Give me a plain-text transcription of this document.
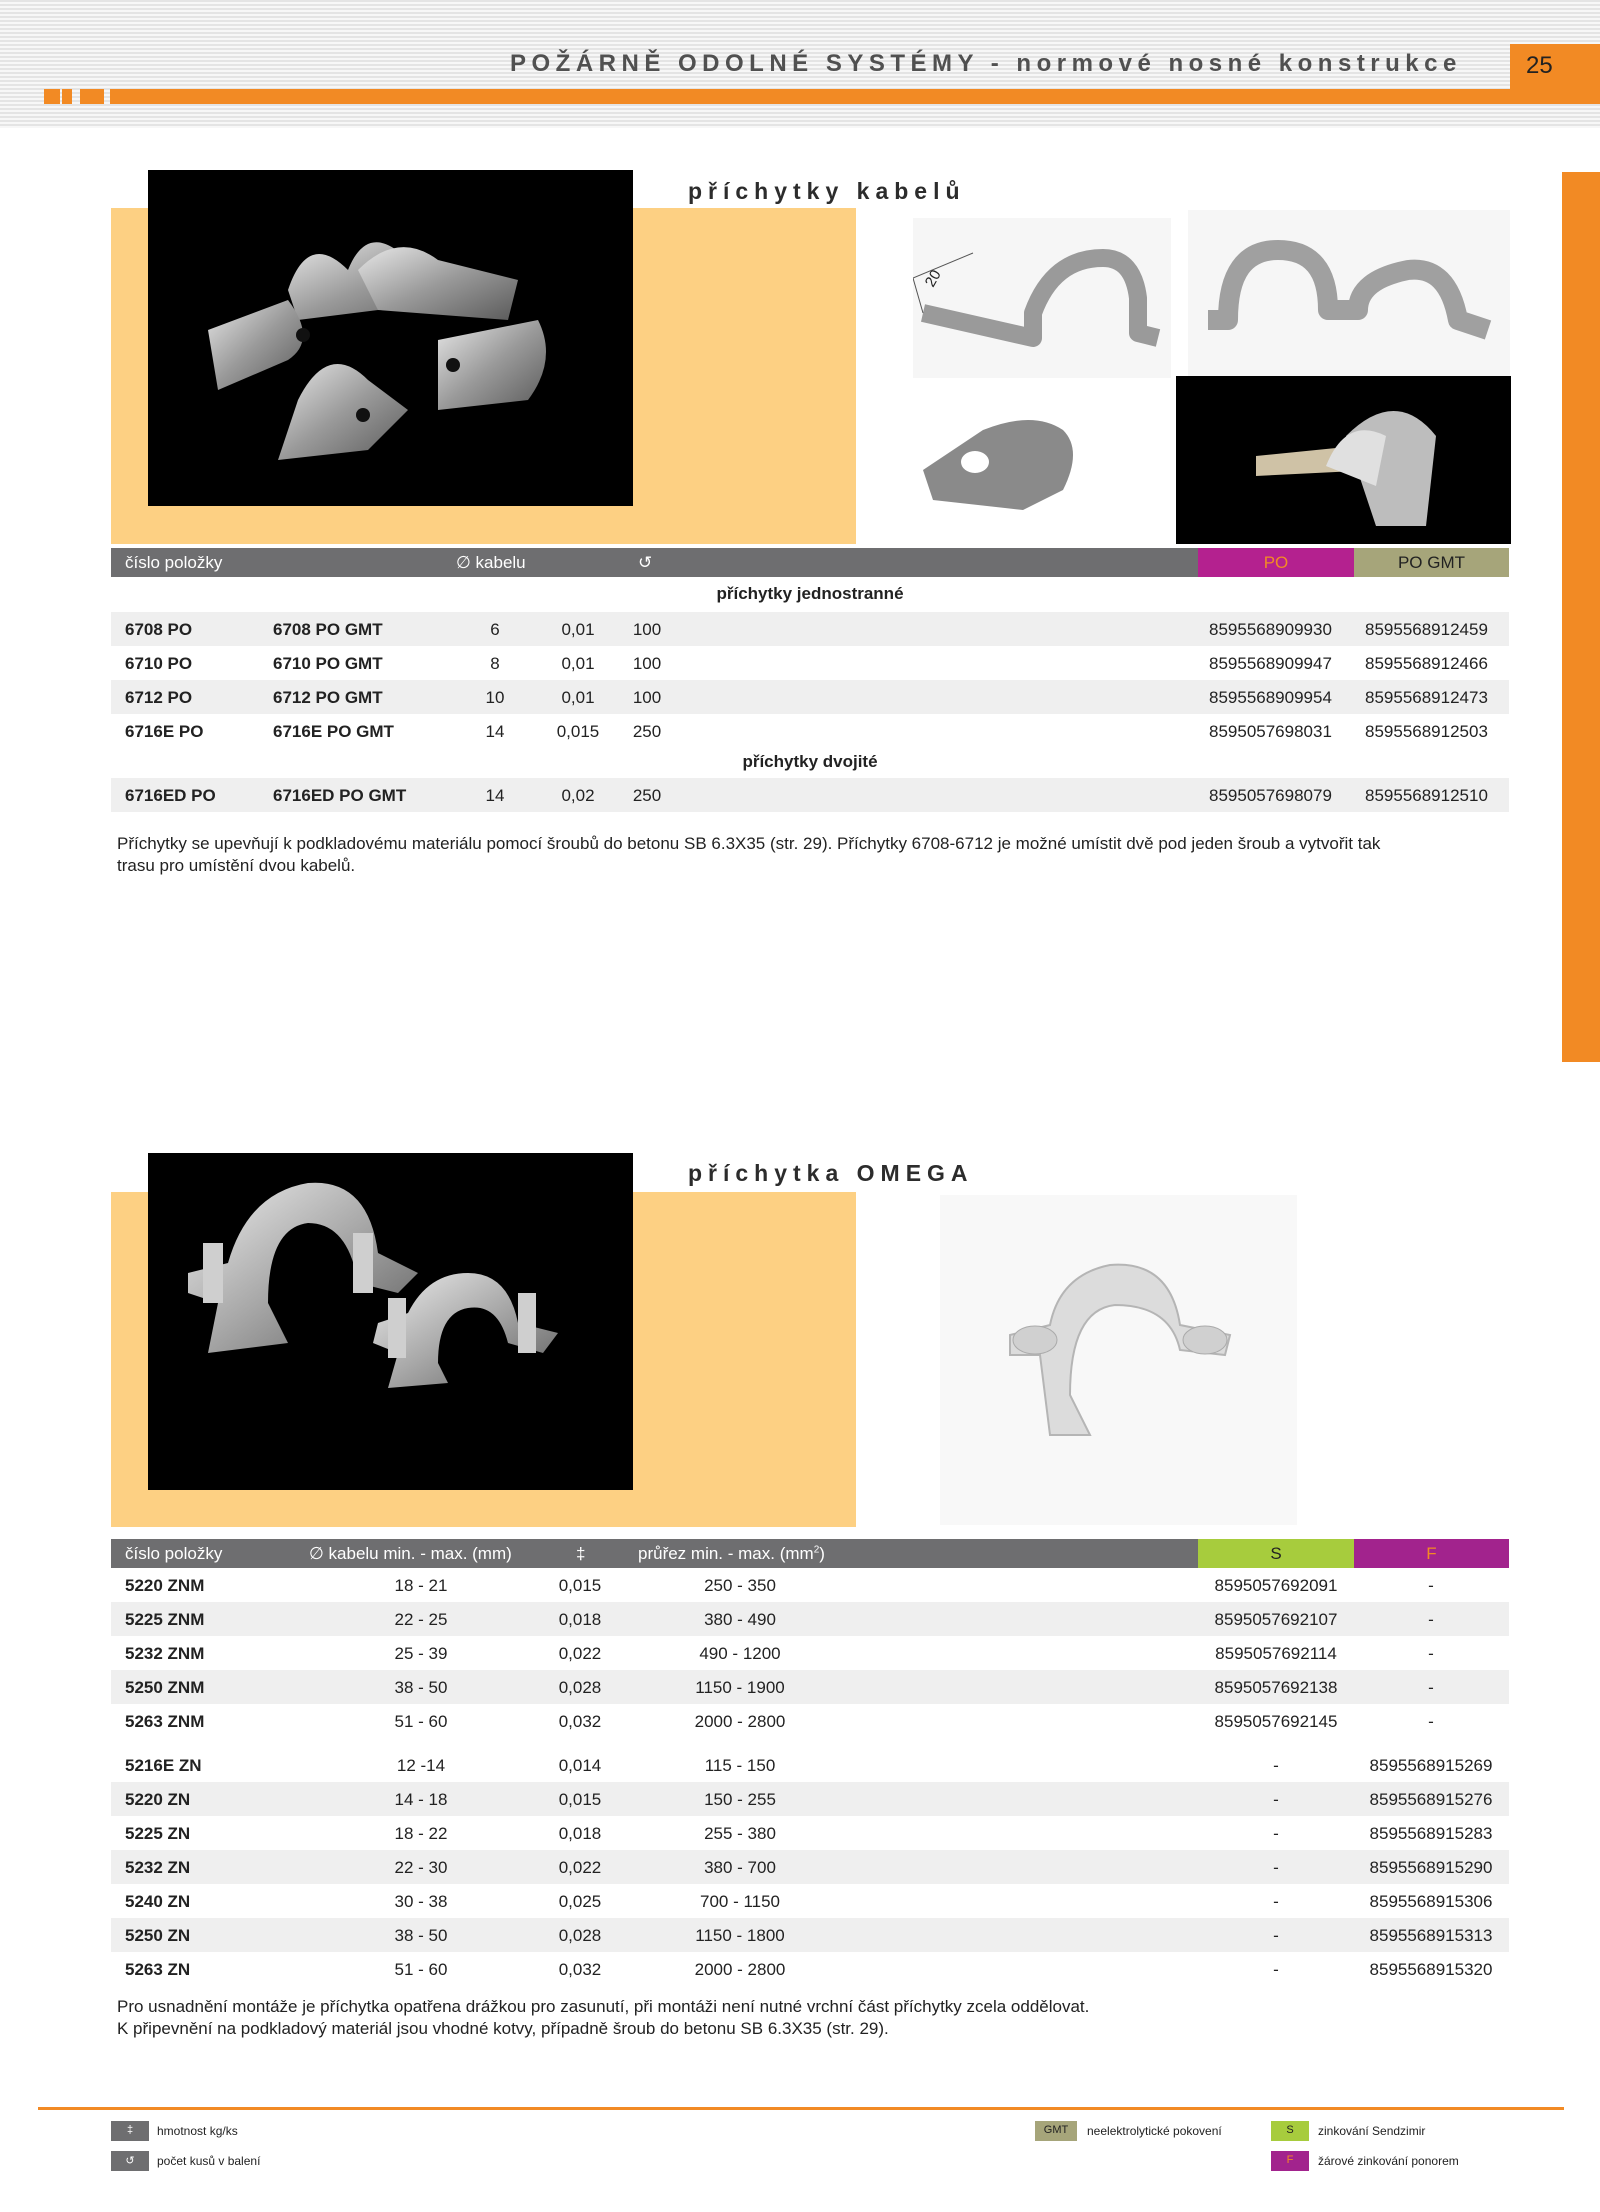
POŽÁRNĚ ODOLNÉ SYSTÉMY - normové nosné konstrukce	25
příchytky kabelů
20
číslo položky	∅ kabelu	↺	PO	PO GMT
příchytky jednostranné
6708 PO	6708 PO GMT	6	0,01	100	8595568909930 8595568912459
6710 PO	6710 PO GMT	8	0,01	100	8595568909947 8595568912466
6712 PO	6712 PO GMT	10	0,01	100	8595568909954 8595568912473
6716E PO	6716E PO GMT	14	0,015	250	8595057698031 8595568912503
příchytky dvojité
6716ED PO	6716ED PO GMT	14	0,02	250	8595057698079 8595568912510
Příchytky se upevňují k podkladovému materiálu pomocí šroubů do betonu SB 6.3X35 (str. 29). Příchytky 6708-6712 je možné umístit dvě pod jeden šroub a vytvořit tak
trasu pro umístění dvou kabelů.
příchytka OMEGA
číslo položky	∅ kabelu min. - max. (mm)	‡	průřez min. - max. $(mm^2)$	S	F
5220 ZNM	18 - 21	0,015	250 - 350	8595057692091	-
5225 ZNM	22 - 25	0,018	380 - 490	8595057692107	-
5232 ZNM	25 - 39	0,022	490 - 1200	8595057692114	-
5250 ZNM	38 - 50	0,028	1150 - 1900	8595057692138	-
5263 ZNM	51 - 60	0,032	2000 - 2800	8595057692145	-
5216E ZN	12 -14	0,014	115 - 150	-	8595568915269
5220 ZN	14 - 18	0,015	150 - 255	-	8595568915276
5225 ZN	18 - 22	0,018	255 - 380	-	8595568915283
5232 ZN	22 - 30	0,022	380 - 700	-	8595568915290
5240 ZN	30 - 38	0,025	700 - 1150	-	8595568915306
5250 ZN	38 - 50	0,028	1150 - 1800	-	8595568915313
5263 ZN	51 - 60	0,032	2000 - 2800	-	8595568915320
Pro usnadnění montáže je příchytka opatřena drážkou pro zasunutí, při montáži není nutné vrchní část příchytky zcela oddělovat.
K připevnění na podkladový materiál jsou vhodné kotvy, případně šroub do betonu SB 6.3X35 (str. 29).
‡	hmotnost kg/ks
↺	počet kusů v balení
GMT	neelektrolytické pokovení	S	zinkování Sendzimir
F	žárové zinkování ponorem
